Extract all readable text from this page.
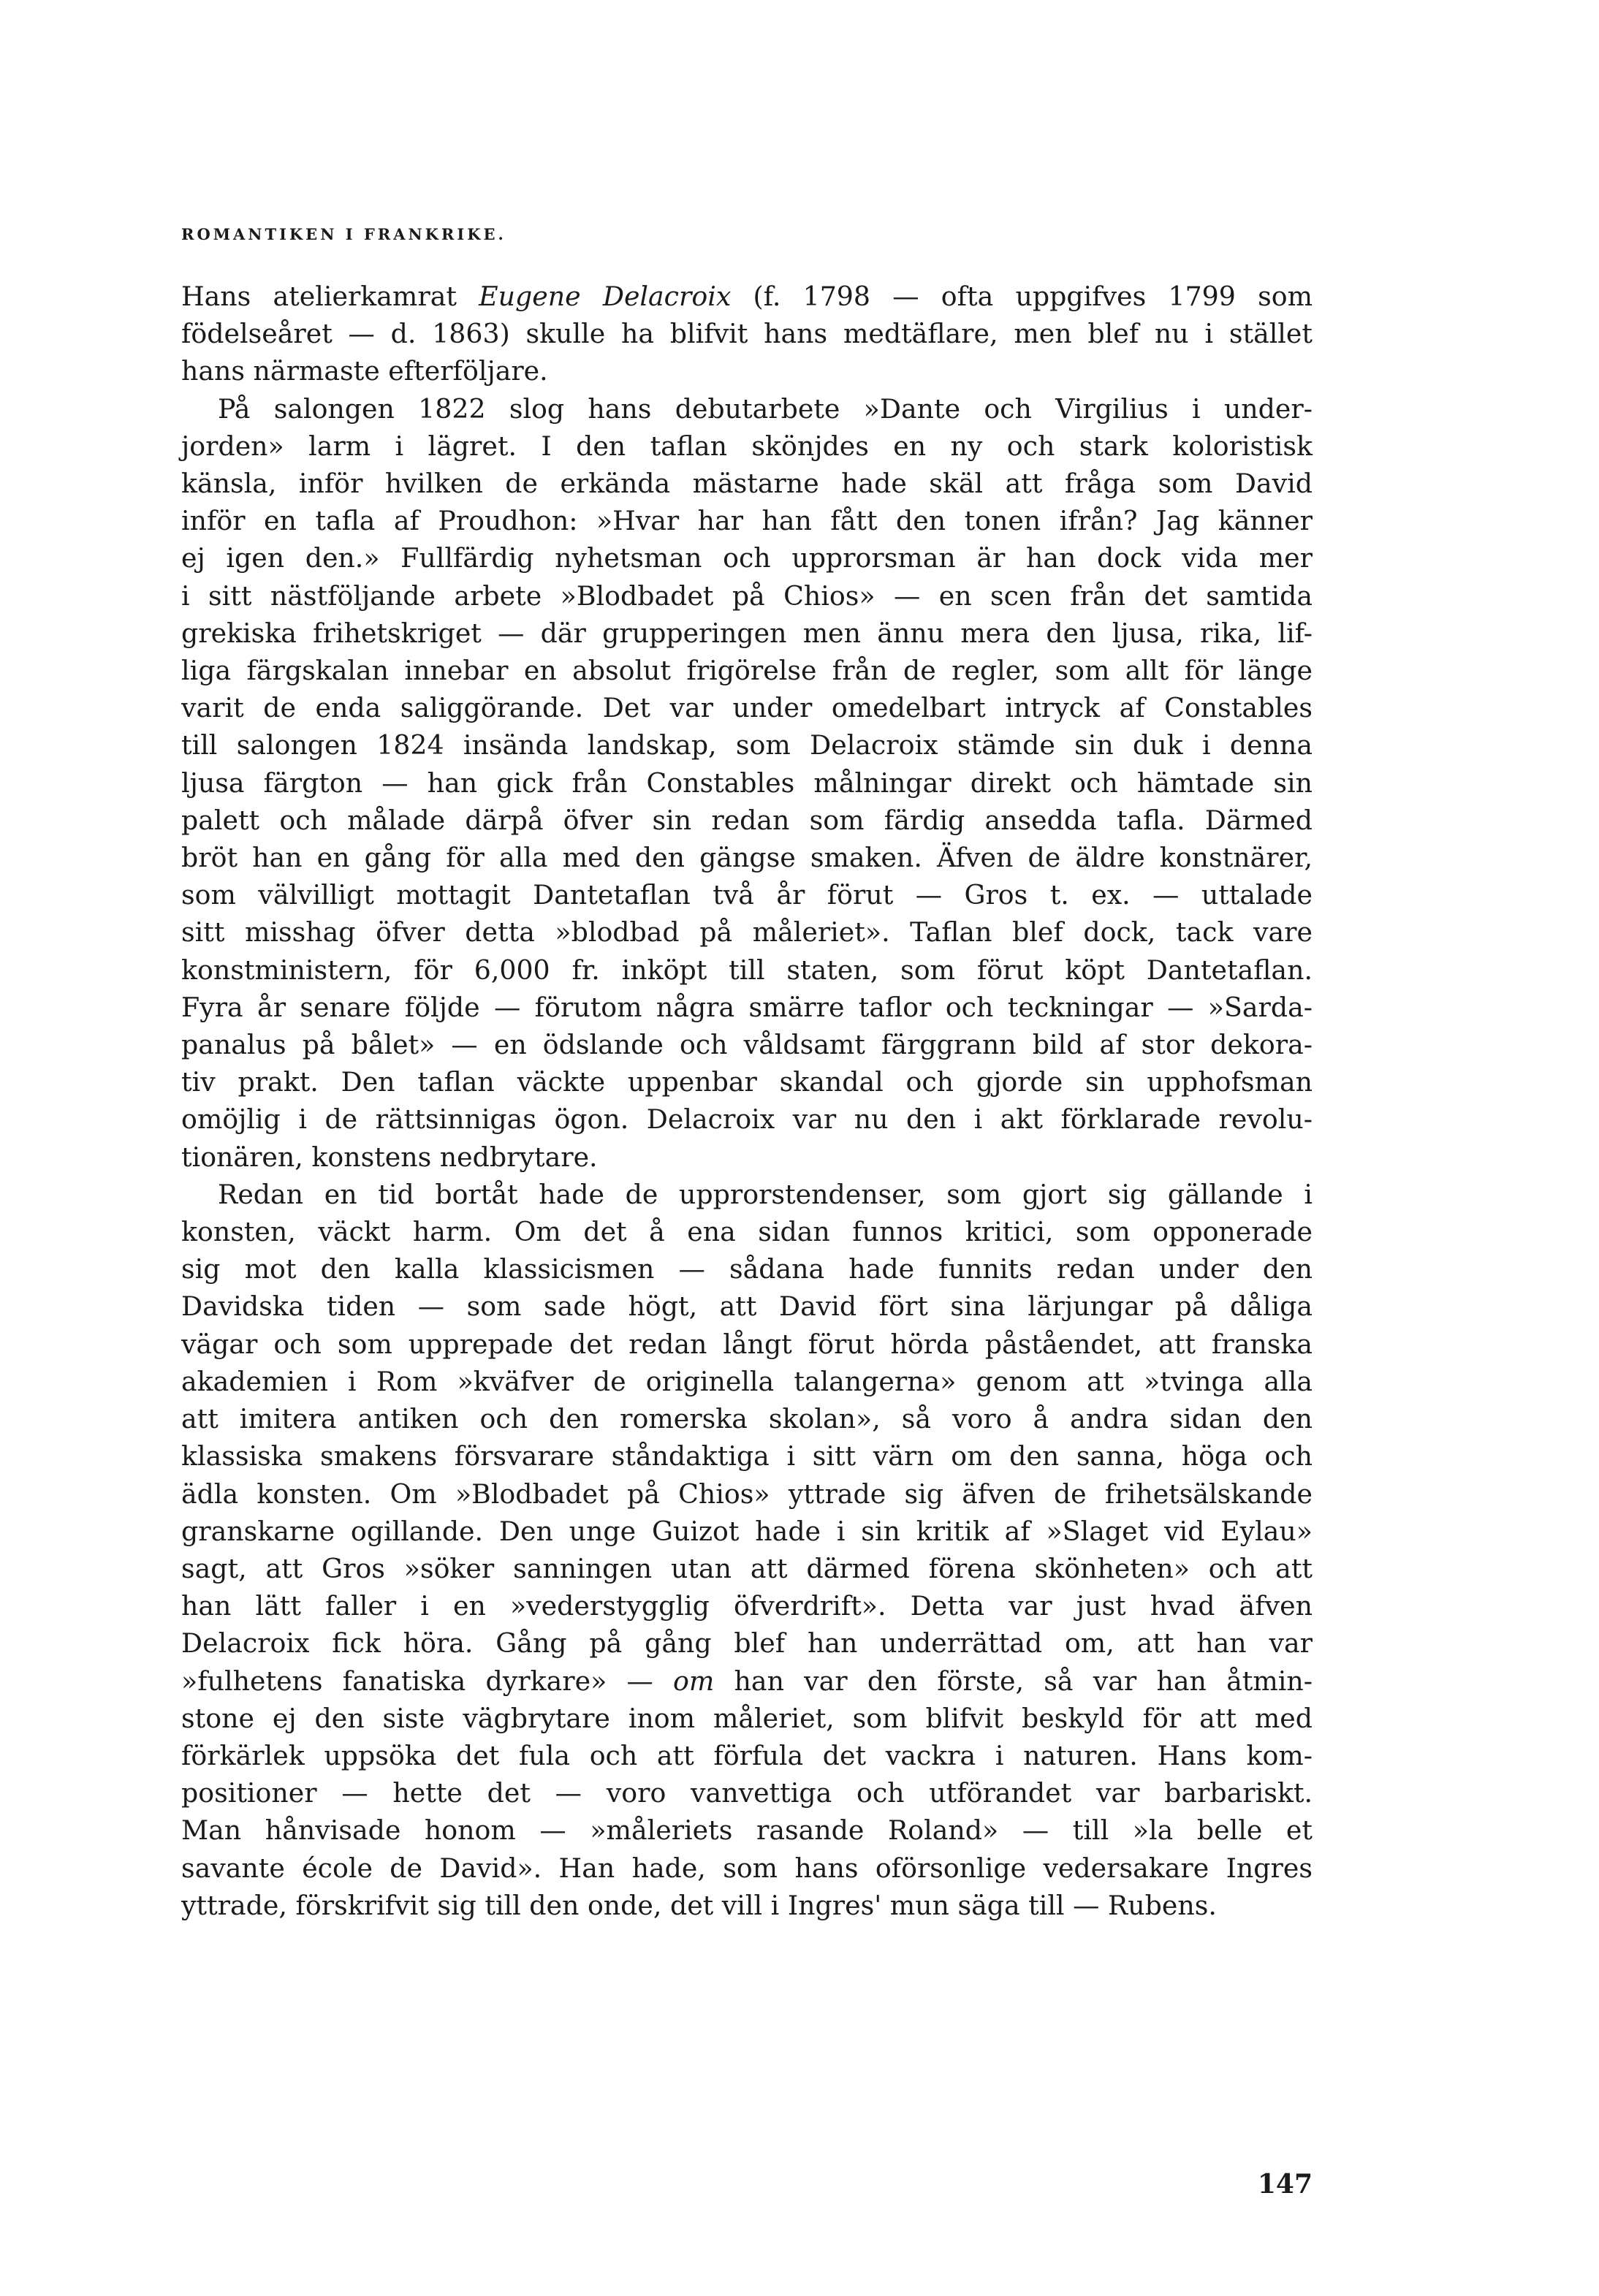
ROMANTIKEN I FRANKRIKE.

Hans atelierkamrat Eugene Delacroix (f. 1798 — ofta uppgifves 1799 som
födelseåret — d. 1863) skulle ha blifvit hans medtäflare, men blef nu i stället
hans närmaste efterföljare.

På salongen 1822 slog hans debutarbete »Dante och Virgilius i under-
jorden» larm i lägret. I den taflan skönjdes en ny och stark koloristisk
känsla, inför hvilken de erkända mästarne hade skäl att fråga som David
inför en tafla af Proudhon: »Hvar har han fått den tonen ifrån? Jag känner
ej igen den.» Fullfärdig nyhetsman och upprorsman är han dock vida mer
i sitt nästföljande arbete »Blodbadet på Chios» — en scen från det samtida
grekiska frihetskriget — där grupperingen men ännu mera den ljusa, rika, lif-
liga färgskalan innebar en absolut frigörelse från de regler, som allt för länge
varit de enda saliggörande. Det var under omedelbart intryck af Constables
till salongen 1824 insända landskap, som Delacroix stämde sin duk i denna
ljusa färgton — han gick från Constables målningar direkt och hämtade sin
palett och målade därpå öfver sin redan som färdig ansedda tafla. Därmed
bröt han en gång för alla med den gängse smaken. Äfven de äldre konstnärer,
som välvilligt mottagit Dantetaflan två år förut — Gros t. ex. — uttalade
sitt misshag öfver detta »blodbad på måleriet». Taflan blef dock, tack vare
konstministern, för 6,000 fr. inköpt till staten, som förut köpt Dantetaflan.
Fyra år senare följde — förutom några smärre taflor och teckningar — »Sarda-
panalus på bålet» — en ödslande och våldsamt färggrann bild af stor dekora-
tiv prakt. Den taflan väckte uppenbar skandal och gjorde sin upphofsman
omöjlig i de rättsinnigas ögon. Delacroix var nu den i akt förklarade revolu-
tionären, konstens nedbrytare.

Redan en tid bortåt hade de upprorstendenser, som gjort sig gällande i
konsten, väckt harm. Om det å ena sidan funnos kritici, som opponerade
sig mot den kalla klassicismen — sådana hade funnits redan under den
Davidska tiden — som sade högt, att David fört sina lärjungar på dåliga
vägar och som upprepade det redan långt förut hörda påståendet, att franska
akademien i Rom »kväfver de originella talangerna» genom att »tvinga alla
att imitera antiken och den romerska skolan», så voro å andra sidan den
klassiska smakens försvarare ståndaktiga i sitt värn om den sanna, höga och
ädla konsten. Om »Blodbadet på Chios» yttrade sig äfven de frihetsälskande
granskarne ogillande. Den unge Guizot hade i sin kritik af »Slaget vid Eylau»
sagt, att Gros »söker sanningen utan att därmed förena skönheten» och att
han lätt faller i en »vederstygglig öfverdrift». Detta var just hvad äfven
Delacroix fick höra. Gång på gång blef han underrättad om, att han var
»fulhetens fanatiska dyrkare» — om han var den förste, så var han åtmin-
stone ej den siste vägbrytare inom måleriet, som blifvit beskyld för att med
förkärlek uppsöka det fula och att förfula det vackra i naturen. Hans kom-
positioner — hette det — voro vanvettiga och utförandet var barbariskt.
Man hånvisade honom — »måleriets rasande Roland» — till »la belle et
savante école de David». Han hade, som hans oförsonlige vedersakare Ingres
yttrade, förskrifvit sig till den onde, det vill i Ingres' mun säga till — Rubens.

147
